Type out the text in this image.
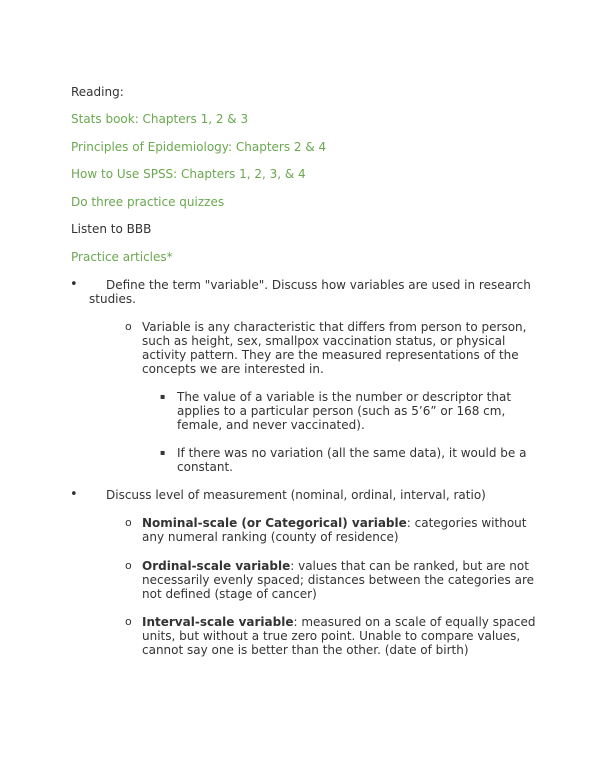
Reading:
Stats book: Chapters 1, 2 & 3
Principles of Epidemiology: Chapters 2 & 4
How to Use SPSS: Chapters 1, 2, 3, & 4
Do three practice quizzes
Listen to BBB
Practice articles*
•	Define the term "variable". Discuss how variables are used in research studies.
o Variable is any characteristic that differs from person to person, such as height, sex, smallpox vaccination status, or physical activity pattern. They are the measured representations of the concepts we are interested in.
▪ The value of a variable is the number or descriptor that applies to a particular person (such as 5’6” or 168 cm, female, and never vaccinated).
▪ If there was no variation (all the same data), it would be a constant.
•	Discuss level of measurement (nominal, ordinal, interval, ratio)
o Nominal-scale (or Categorical) variable: categories without any numeral ranking (county of residence)
o Ordinal-scale variable: values that can be ranked, but are not necessarily evenly spaced; distances between the categories are not defined (stage of cancer)
o Interval-scale variable: measured on a scale of equally spaced units, but without a true zero point. Unable to compare values, cannot say one is better than the other. (date of birth)
